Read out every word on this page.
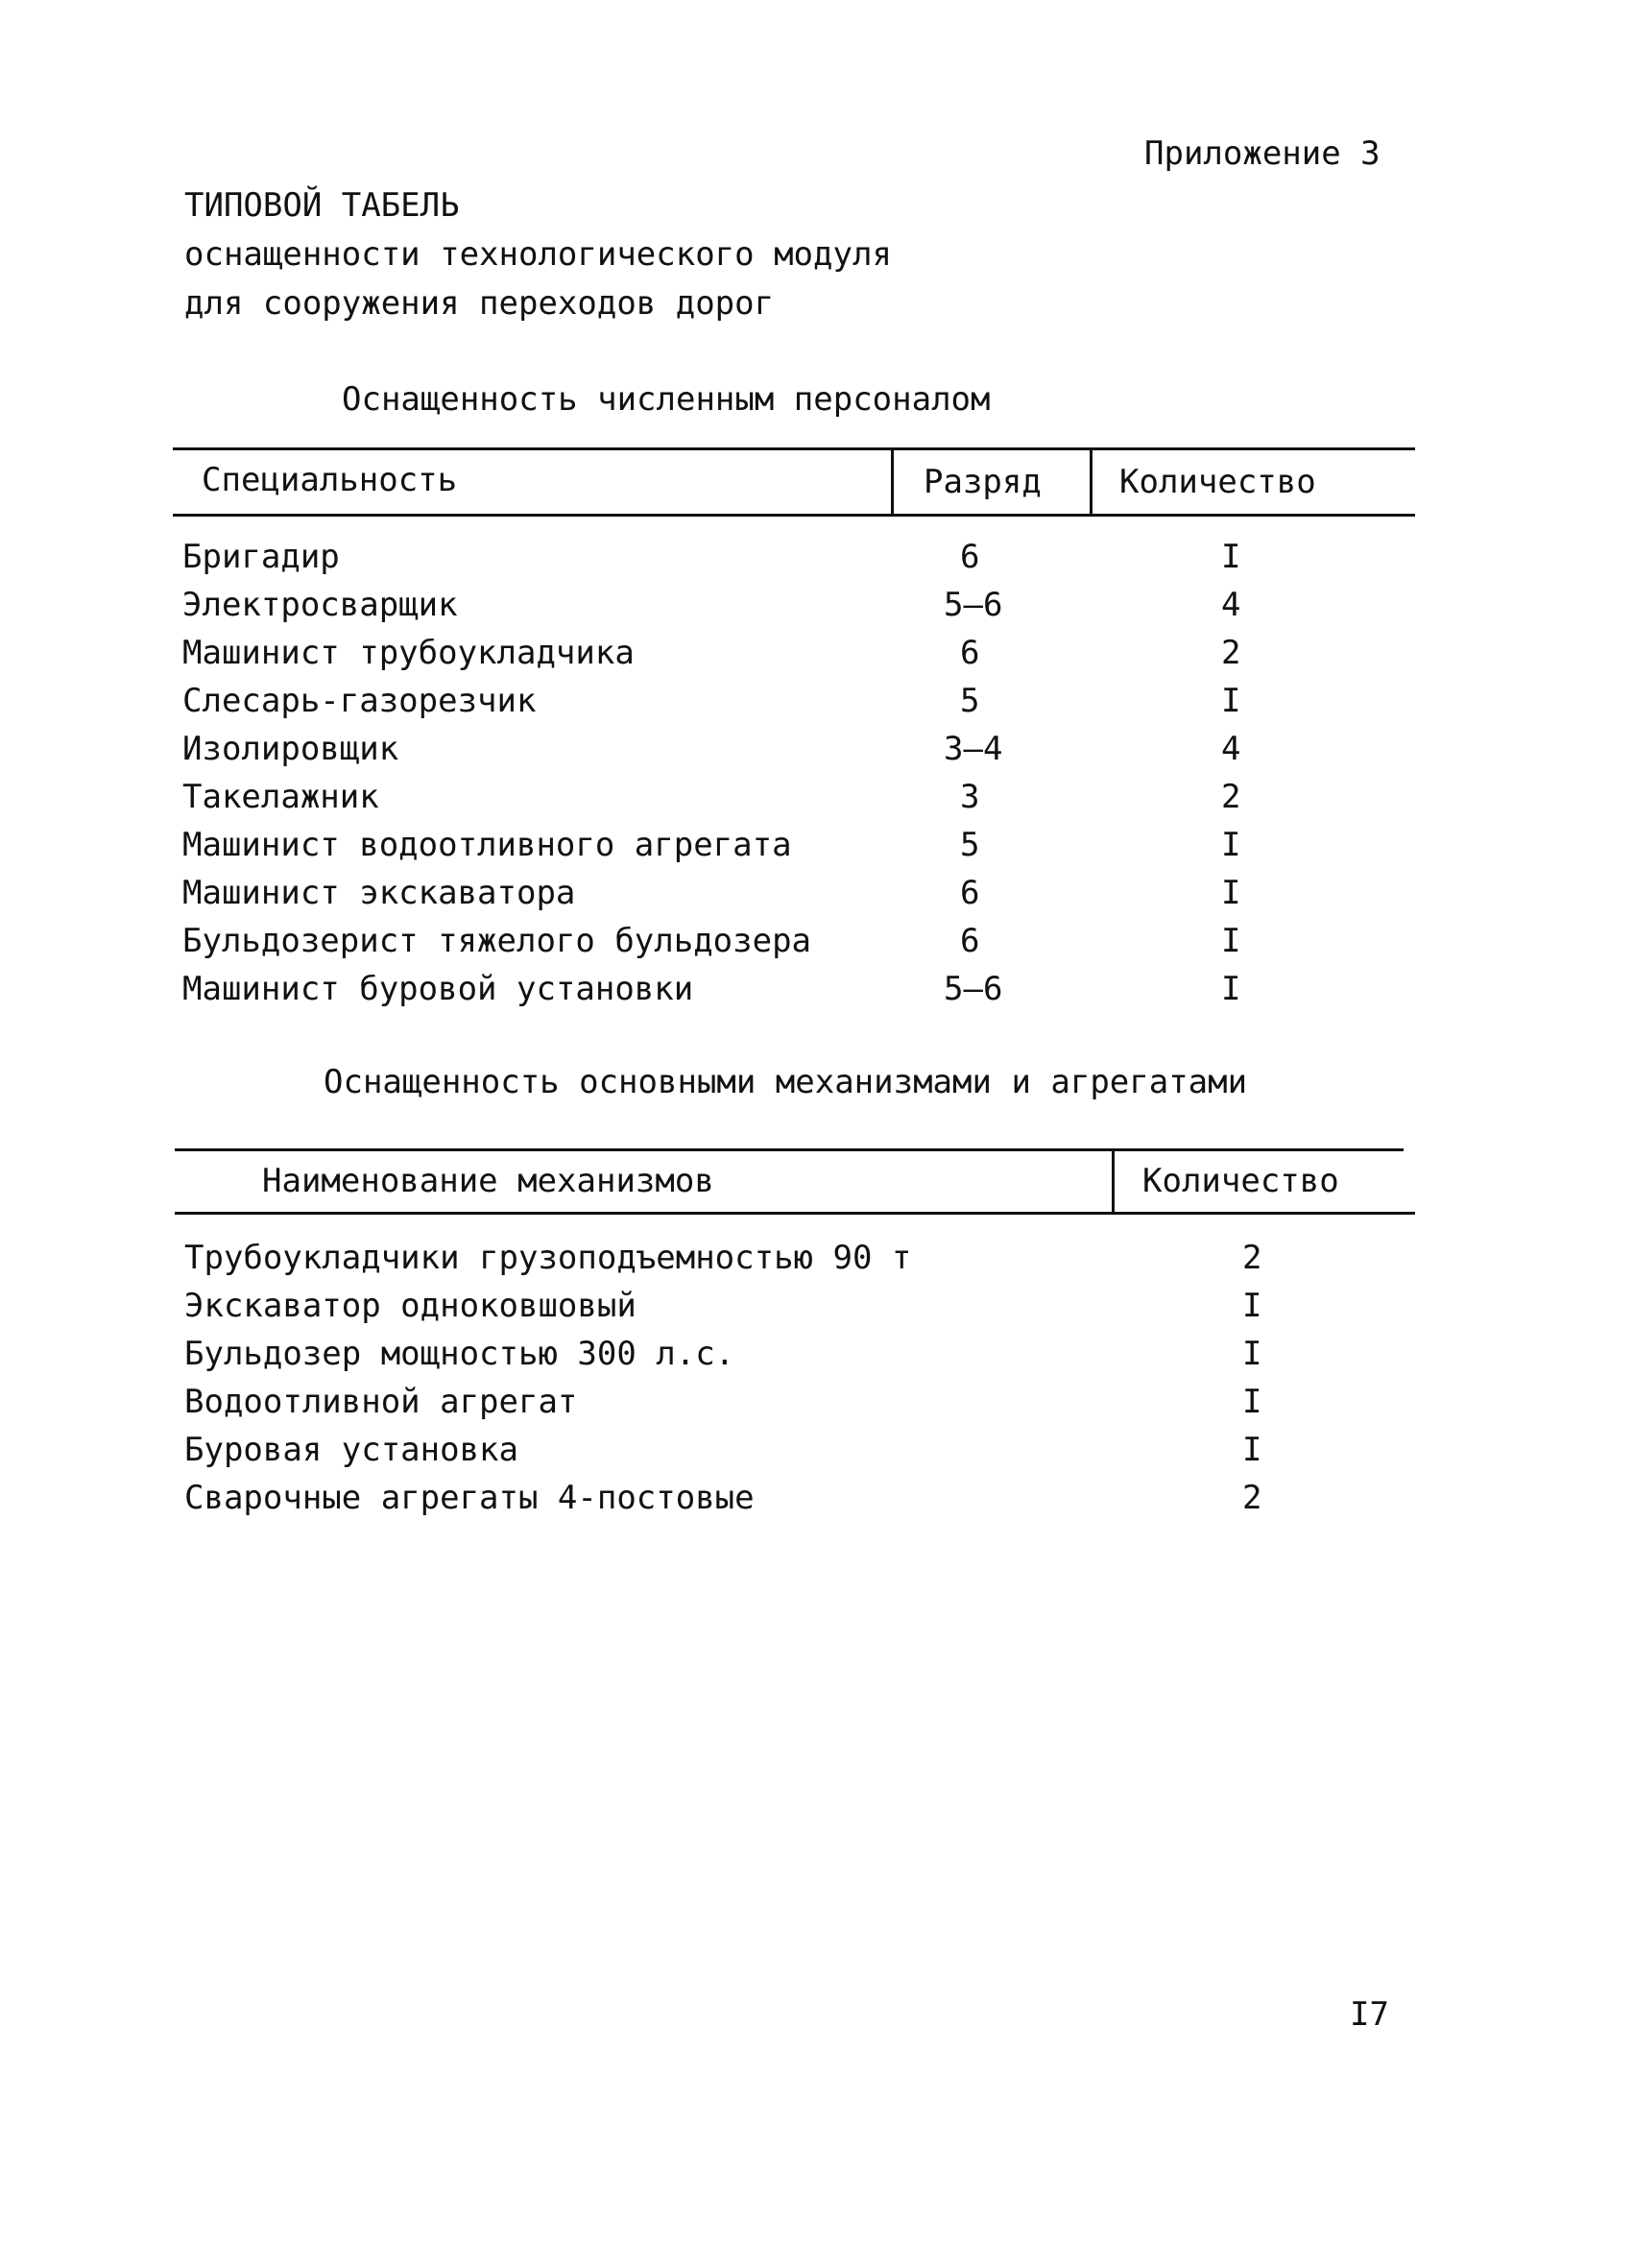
Приложение 3
ТИПОВОЙ ТАБЕЛЬ
оснащенности технологического модуля
для сооружения переходов дорог
Оснащенность численным персоналом
Специальность	Разряд Количество
Бригадир	6	I
Электросварщик	5–6	4
Машинист трубоукладчика	6	2
Слесарь-газорезчик	5	I
Изолировщик	3–4	4
Такелажник	3	2
Машинист водоотливного агрегата	5	I
Машинист экскаватора	6	I
Бульдозерист тяжелого бульдозера	6	I
Машинист буровой установки	5–6	I
Оснащенность основными механизмами и агрегатами
Наименование механизмов	Количество
Трубоукладчики грузоподъемностью 90 т	2
Экскаватор одноковшовый	I
Бульдозер мощностью 300 л.с.	I
Водоотливной агрегат	I
Буровая установка	I
Сварочные агрегаты 4-постовые	2
I7
